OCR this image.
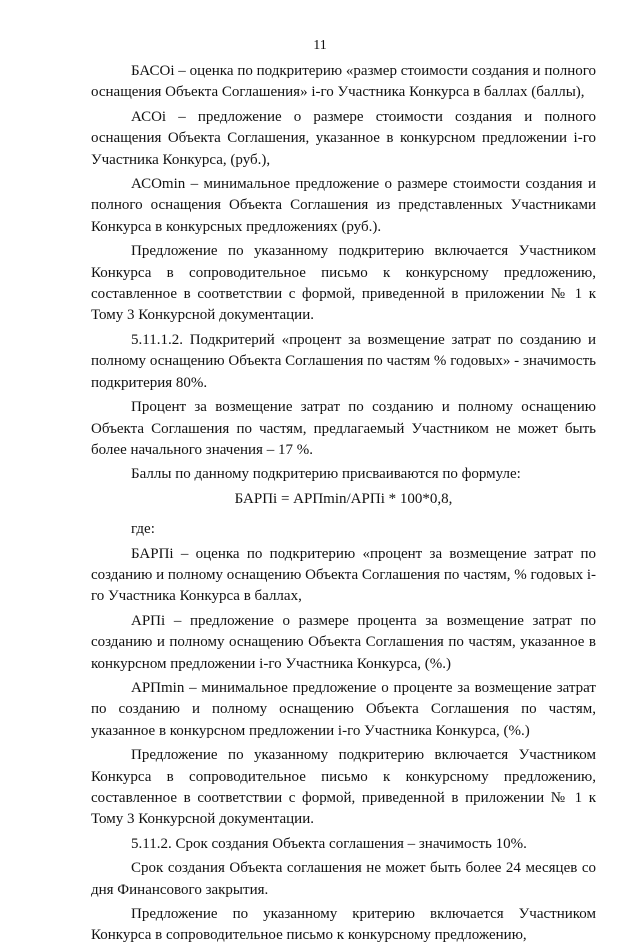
11

БАСОi – оценка по подкритерию «размер стоимости создания и полного оснащения Объекта Соглашения» i-го Участника Конкурса в баллах (баллы),

АСОi – предложение о размере стоимости создания и полного оснащения Объекта Соглашения, указанное в конкурсном предложении i-го Участника Конкурса, (руб.),

АСОmin – минимальное предложение о размере стоимости создания и полного оснащения Объекта Соглашения из представленных Участниками Конкурса в конкурсных предложениях (руб.).

Предложение по указанному подкритерию включается Участником Конкурса в сопроводительное письмо к конкурсному предложению, составленное в соответствии с формой, приведенной в приложении № 1 к Тому 3 Конкурсной документации.

5.11.1.2. Подкритерий «процент за возмещение затрат по созданию и полному оснащению Объекта Соглашения по частям % годовых» - значимость подкритерия 80%.

Процент за возмещение затрат по созданию и полному оснащению Объекта Соглашения по частям, предлагаемый Участником не может быть более начального значения – 17 %.

Баллы по данному подкритерию присваиваются по формуле:

БАРПi = АРПmin/АРПi * 100*0,8,

где:

БАРПi – оценка по подкритерию «процент за возмещение затрат по созданию и полному оснащению Объекта Соглашения по частям, % годовых i-го Участника Конкурса в баллах,

АРПi – предложение о размере процента за возмещение затрат по созданию и полному оснащению Объекта Соглашения по частям, указанное в конкурсном предложении i-го Участника Конкурса, (%.)

АРПmin – минимальное предложение о проценте за возмещение затрат по созданию и полному оснащению Объекта Соглашения по частям, указанное в конкурсном предложении i-го Участника Конкурса, (%.)

Предложение по указанному подкритерию включается Участником Конкурса в сопроводительное письмо к конкурсному предложению, составленное в соответствии с формой, приведенной в приложении № 1 к Тому 3 Конкурсной документации.

5.11.2. Срок создания Объекта соглашения – значимость 10%.

Срок создания Объекта соглашения не может быть более 24 месяцев со дня Финансового закрытия.

Предложение по указанному критерию включается Участником Конкурса в сопроводительное письмо к конкурсному предложению,
